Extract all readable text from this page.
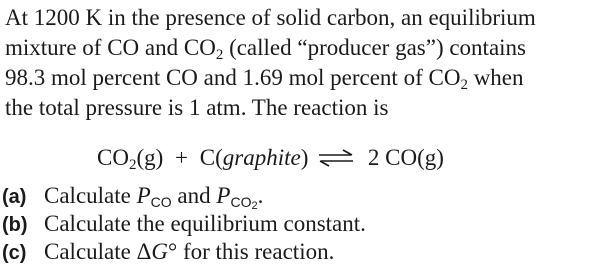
At 1200 K in the presence of solid carbon, an equilibrium
mixture of CO and $CO_2$ (called “producer gas”) contains
98.3 mol percent CO and 1.69 mol percent of $CO_2$ when
the total pressure is 1 atm. The reaction is

$CO_2(g)$ + C(graphite) ⇌ 2 CO(g)
(a) Calculate PCO and PCO2.
(b) Calculate the equilibrium constant.
(c) Calculate ΔG° for this reaction.
